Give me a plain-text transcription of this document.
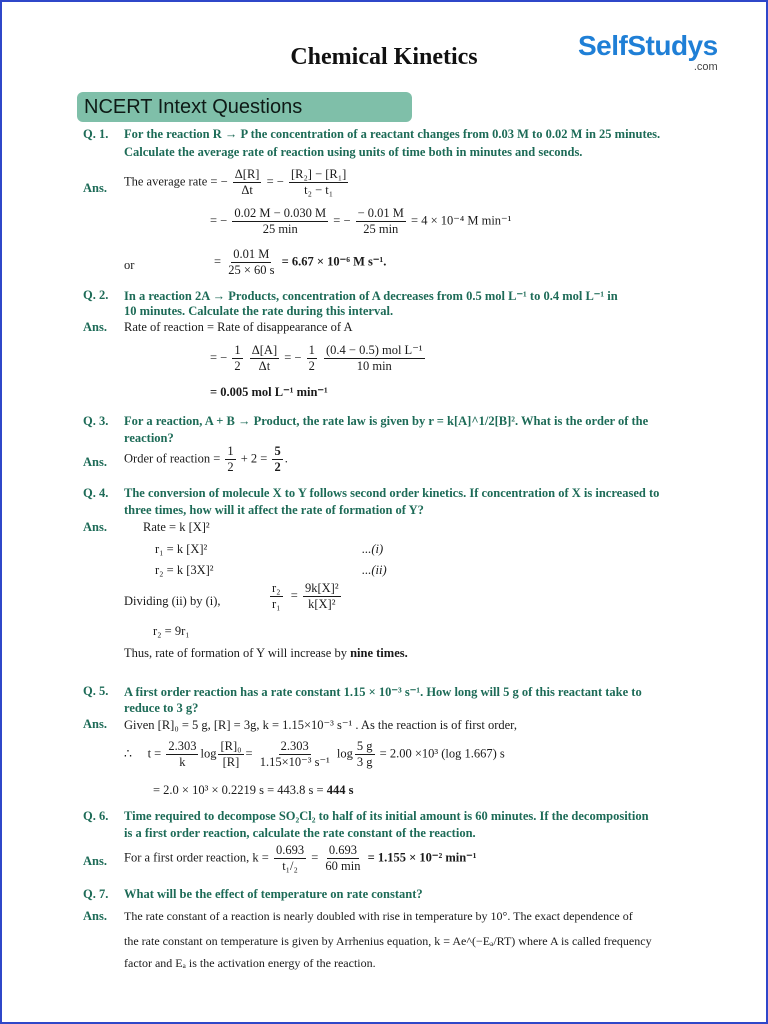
Chemical Kinetics	SelfStudys
.com
NCERT Intext Questions
Q. 1. For the reaction R → P the concentration of a reactant changes from 0.03 M to 0.02 M in 25 minutes.
Calculate the average rate of reaction using units of time both in minutes and seconds.
Ans. The average rate = − $\frac{\Delta[R]}{\Delta t}$ = − $\frac{\text{[R₂] − [R₁]}}{\text{t₂ − t₁}}$
= − $\frac{0.02 M - 0.030 M}{25 \min}$ = − $\frac{- 0.01 M}{25 \min} = 4 \times 10^{-4}$ M min⁻¹
or	= $\frac{0.01 M}{25 \times 60 s} = 6.67 \times 10^{-6}$ M s⁻¹.
Q. 2. In a reaction 2A → Products, concentration of A decreases from 0.5 mol L⁻¹ to 0.4 mol L⁻¹ in
10 minutes. Calculate the rate during this interval.
Ans. Rate of reaction = Rate of disappearance of A
= − $\frac{1}{2}$
$\frac{\Delta[A]}{\Delta t}$ = − $\frac{1}{2}$
$\frac{\text{(0.4 − 0.5) mol L⁻¹}}{10 \min}$
= 0.005 mol L⁻¹ min⁻¹
Q. 3. For a reaction, A + B → Product, the rate law is given by r = k[A]^1/2[B]². What is the order of the
reaction?
Ans. Order of reaction = $\frac{1}{2} + 2 = \frac{5}{2}$ .
Q. 4. The conversion of molecule X to Y follows second order kinetics. If concentration of X is increased to
three times, how will it affect the rate of formation of Y?
Ans.	Rate = k [X]²
r₁ = k [X]²	...(i)
r₂ = k [3X]²	...(ii)
Dividing (ii) by (i),	$\frac{\text{r₂}}{\text{r₁}} = \frac{\text{9k[X]²}}{\text{k[X]²}}$
r₂ = 9r₁
Thus, rate of formation of Y will increase by nine times.
Q. 5. A first order reaction has a rate constant 1.15 × 10⁻³ s⁻¹. How long will 5 g of this reactant take to
reduce to 3 g?
Ans. Given [R]₀ = 5 g, [R] = 3g, k = 1.15×10⁻³ s⁻¹ . As the reaction is of first order,
∴ $t = \frac{2.303}{k}$ $\log \frac{\text{[R]₀}}{[R]} = \frac{2.303}{\text{1.15×10⁻³ s⁻¹}}$ $\log \frac{5 g}{3 g} = 2.00 \times 10^3$ (log 1.667) s
= 2.0 × 10³ × 0.2219 s = 443.8 s = 444 s
Q. 6. Time required to decompose SO₂Cl₂ to half of its initial amount is 60 minutes. If the decomposition
is a first order reaction, calculate the rate constant of the reaction.
Ans. For a first order reaction, $k = \frac{0.693}{\text{t₁/₂}} = \frac{0.693}{60 \min} = 1.155 \times 10^{-2}$ min⁻¹
Q. 7. What will be the effect of temperature on rate constant?
Ans. The rate constant of a reaction is nearly doubled with rise in temperature by 10°. The exact dependence of
the rate constant on temperature is given by Arrhenius equation, k = Ae^(−Eₐ/RT) where A is called frequency
factor and Eₐ is the activation energy of the reaction.
